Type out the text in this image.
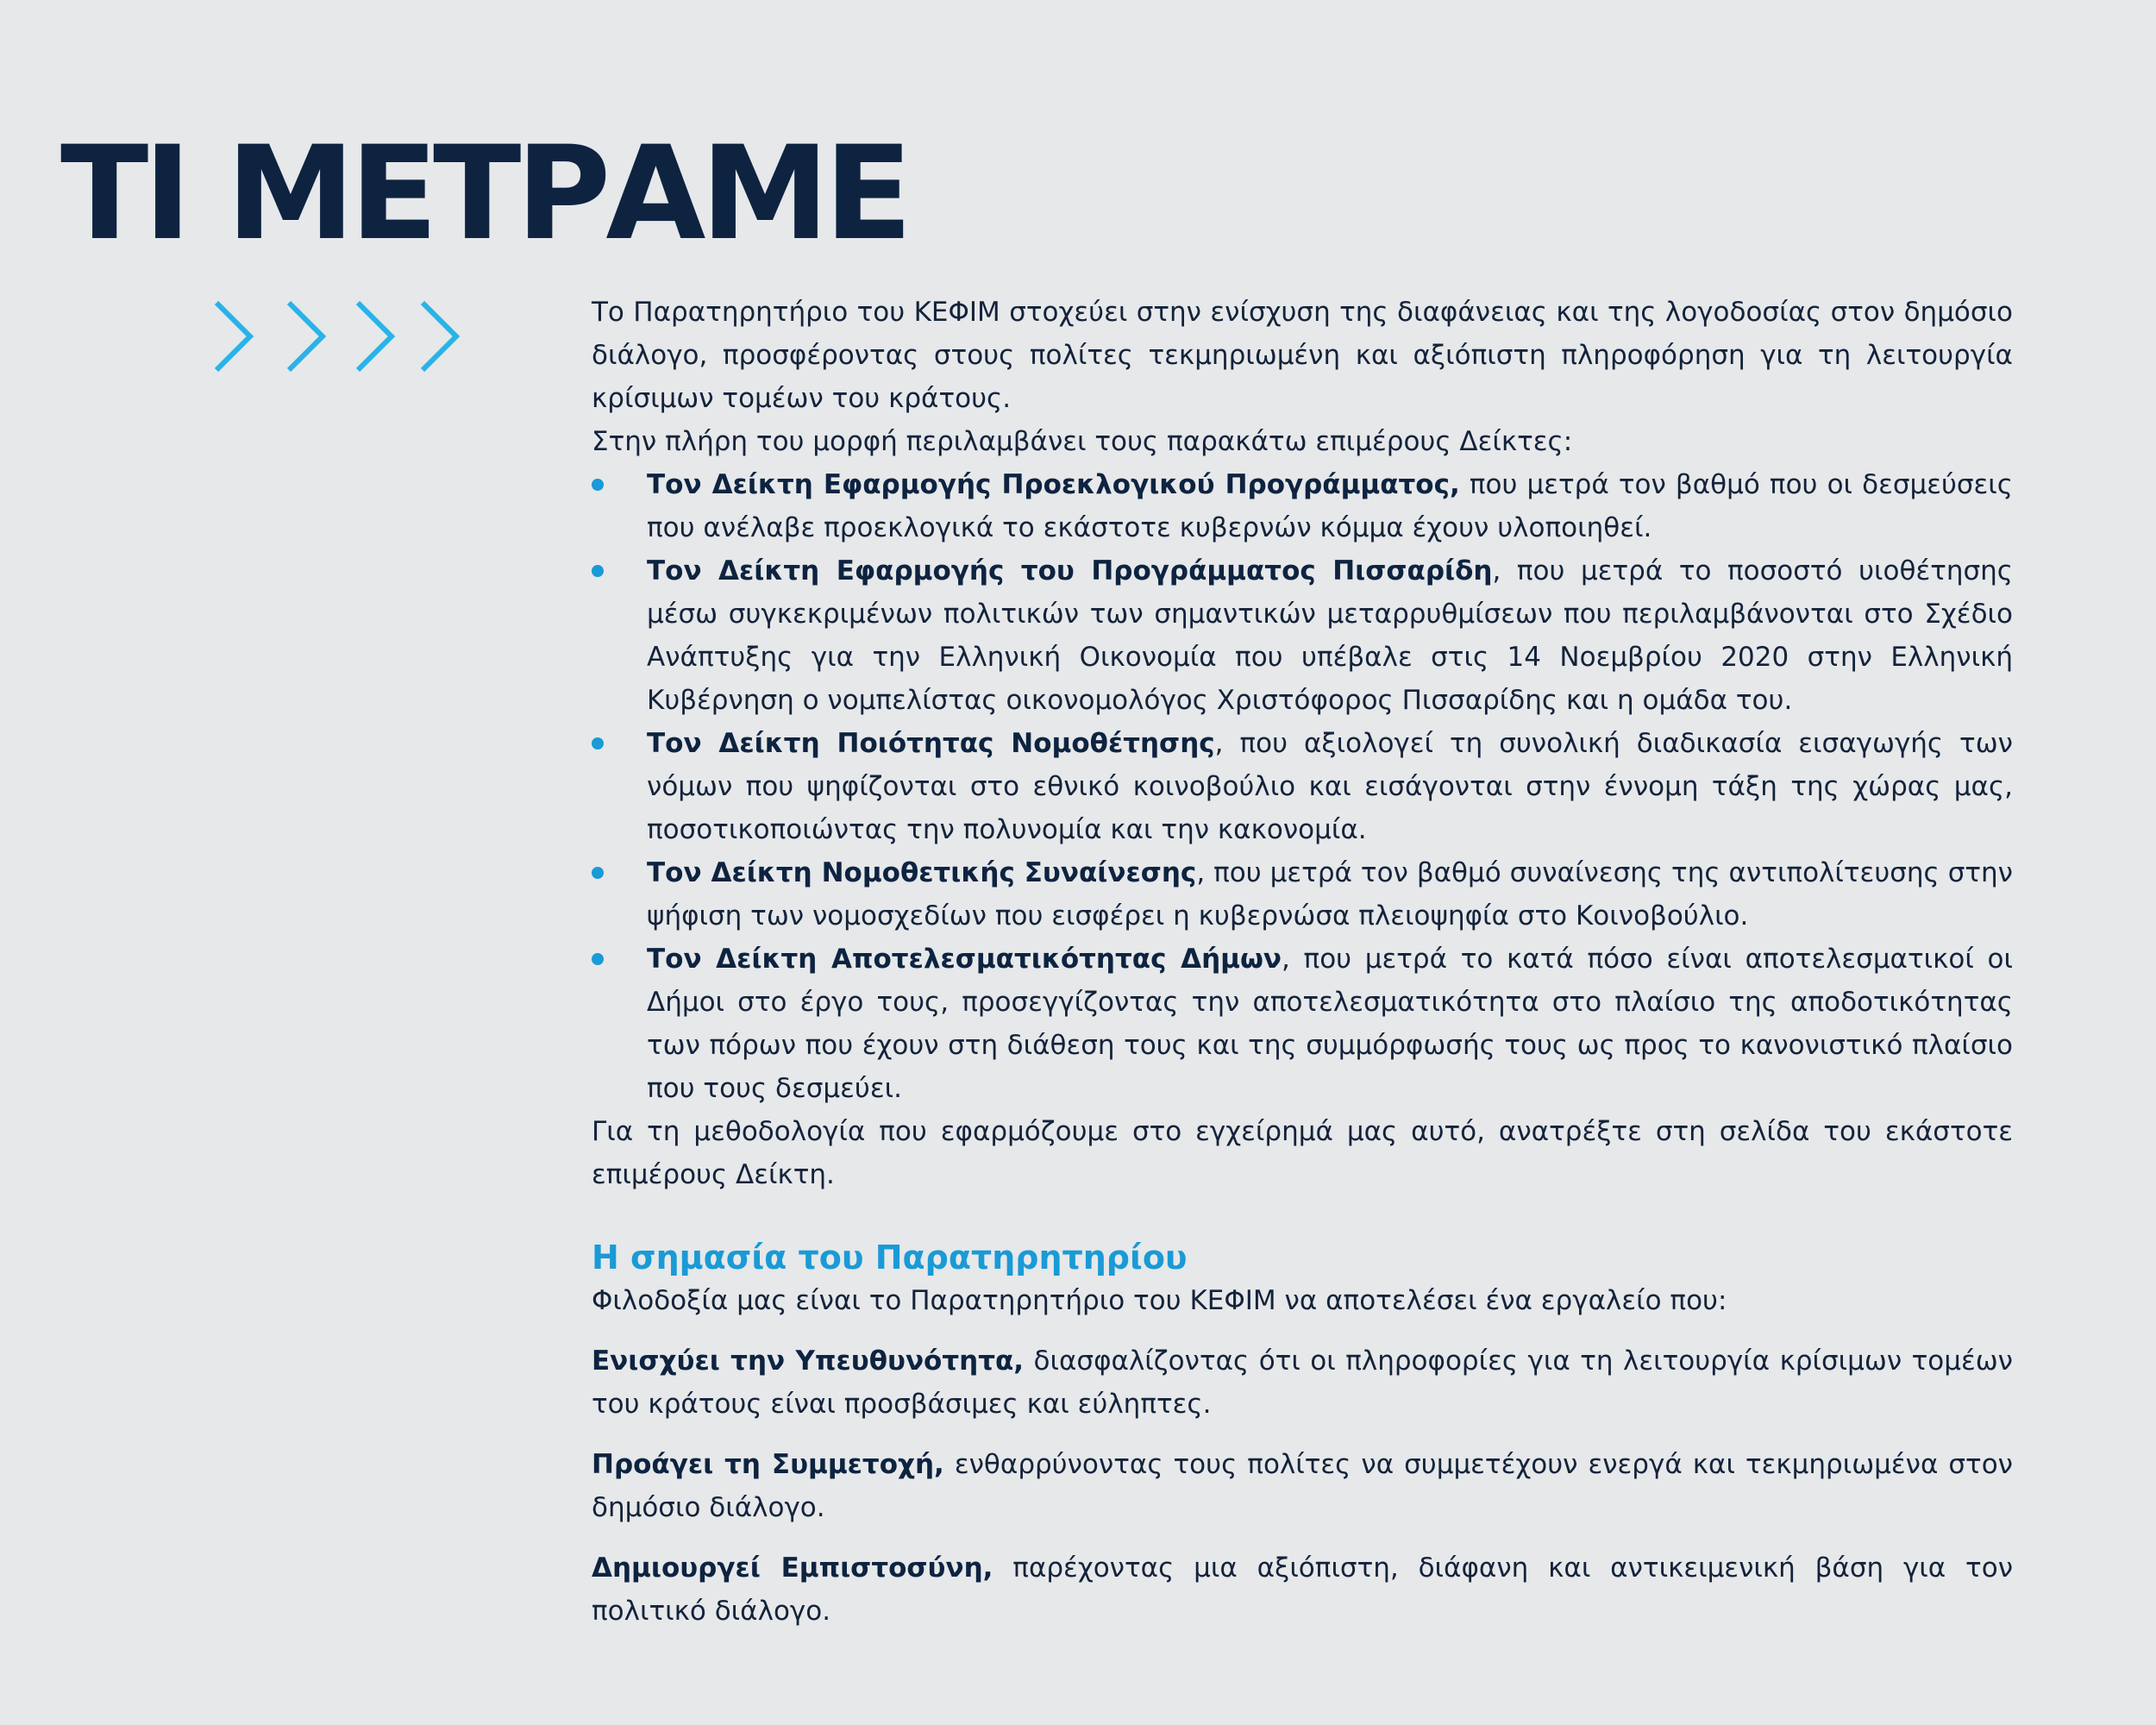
ΤΙ ΜΕΤΡΑΜΕ

Το Παρατηρητήριο του ΚΕΦΙΜ στοχεύει στην ενίσχυση της διαφάνειας και της λογοδοσίας στον δημόσιο διάλογο, προσφέροντας στους πολίτες τεκμηριωμένη και αξιόπιστη πληροφόρηση για τη λειτουργία κρίσιμων τομέων του κράτους.

Στην πλήρη του μορφή περιλαμβάνει τους παρακάτω επιμέρους Δείκτες:

Τον Δείκτη Εφαρμογής Προεκλογικού Προγράμματος, που μετρά τον βαθμό που οι δεσμεύσεις που ανέλαβε προεκλογικά το εκάστοτε κυβερνών κόμμα έχουν υλοποιηθεί.
Τον Δείκτη Εφαρμογής του Προγράμματος Πισσαρίδη, που μετρά το ποσοστό υιοθέτησης μέσω συγκεκριμένων πολιτικών των σημαντικών μεταρρυθμίσεων που περιλαμβάνονται στο Σχέδιο Ανάπτυξης για την Ελληνική Οικονομία που υπέβαλε στις 14 Νοεμβρίου 2020 στην Ελληνική Κυβέρνηση ο νομπελίστας οικονομολόγος Χριστόφορος Πισσαρίδης και η ομάδα του.
Τον Δείκτη Ποιότητας Νομοθέτησης, που αξιολογεί τη συνολική διαδικασία εισαγωγής των νόμων που ψηφίζονται στο εθνικό κοινοβούλιο και εισάγονται στην έννομη τάξη της χώρας μας, ποσοτικοποιώντας την πολυνομία και την κακονομία.
Τον Δείκτη Νομοθετικής Συναίνεσης, που μετρά τον βαθμό συναίνεσης της αντιπολίτευσης στην ψήφιση των νομοσχεδίων που εισφέρει η κυβερνώσα πλειοψηφία στο Κοινοβούλιο.
Τον Δείκτη Αποτελεσματικότητας Δήμων, που μετρά το κατά πόσο είναι αποτελεσματικοί οι Δήμοι στο έργο τους, προσεγγίζοντας την αποτελεσματικότητα στο πλαίσιο της αποδοτικότητας των πόρων που έχουν στη διάθεση τους και της συμμόρφωσής τους ως προς το κανονιστικό πλαίσιο που τους δεσμεύει.

Για τη μεθοδολογία που εφαρμόζουμε στο εγχείρημά μας αυτό, ανατρέξτε στη σελίδα του εκάστοτε επιμέρους Δείκτη.

Η σημασία του Παρατηρητηρίου

Φιλοδοξία μας είναι το Παρατηρητήριο του ΚΕΦΙΜ να αποτελέσει ένα εργαλείο που:

Ενισχύει την Υπευθυνότητα, διασφαλίζοντας ότι οι πληροφορίες για τη λειτουργία κρίσιμων τομέων του κράτους είναι προσβάσιμες και εύληπτες.

Προάγει τη Συμμετοχή, ενθαρρύνοντας τους πολίτες να συμμετέχουν ενεργά και τεκμηριωμένα στον δημόσιο διάλογο.

Δημιουργεί Εμπιστοσύνη, παρέχοντας μια αξιόπιστη, διάφανη και αντικειμενική βάση για τον πολιτικό διάλογο.
